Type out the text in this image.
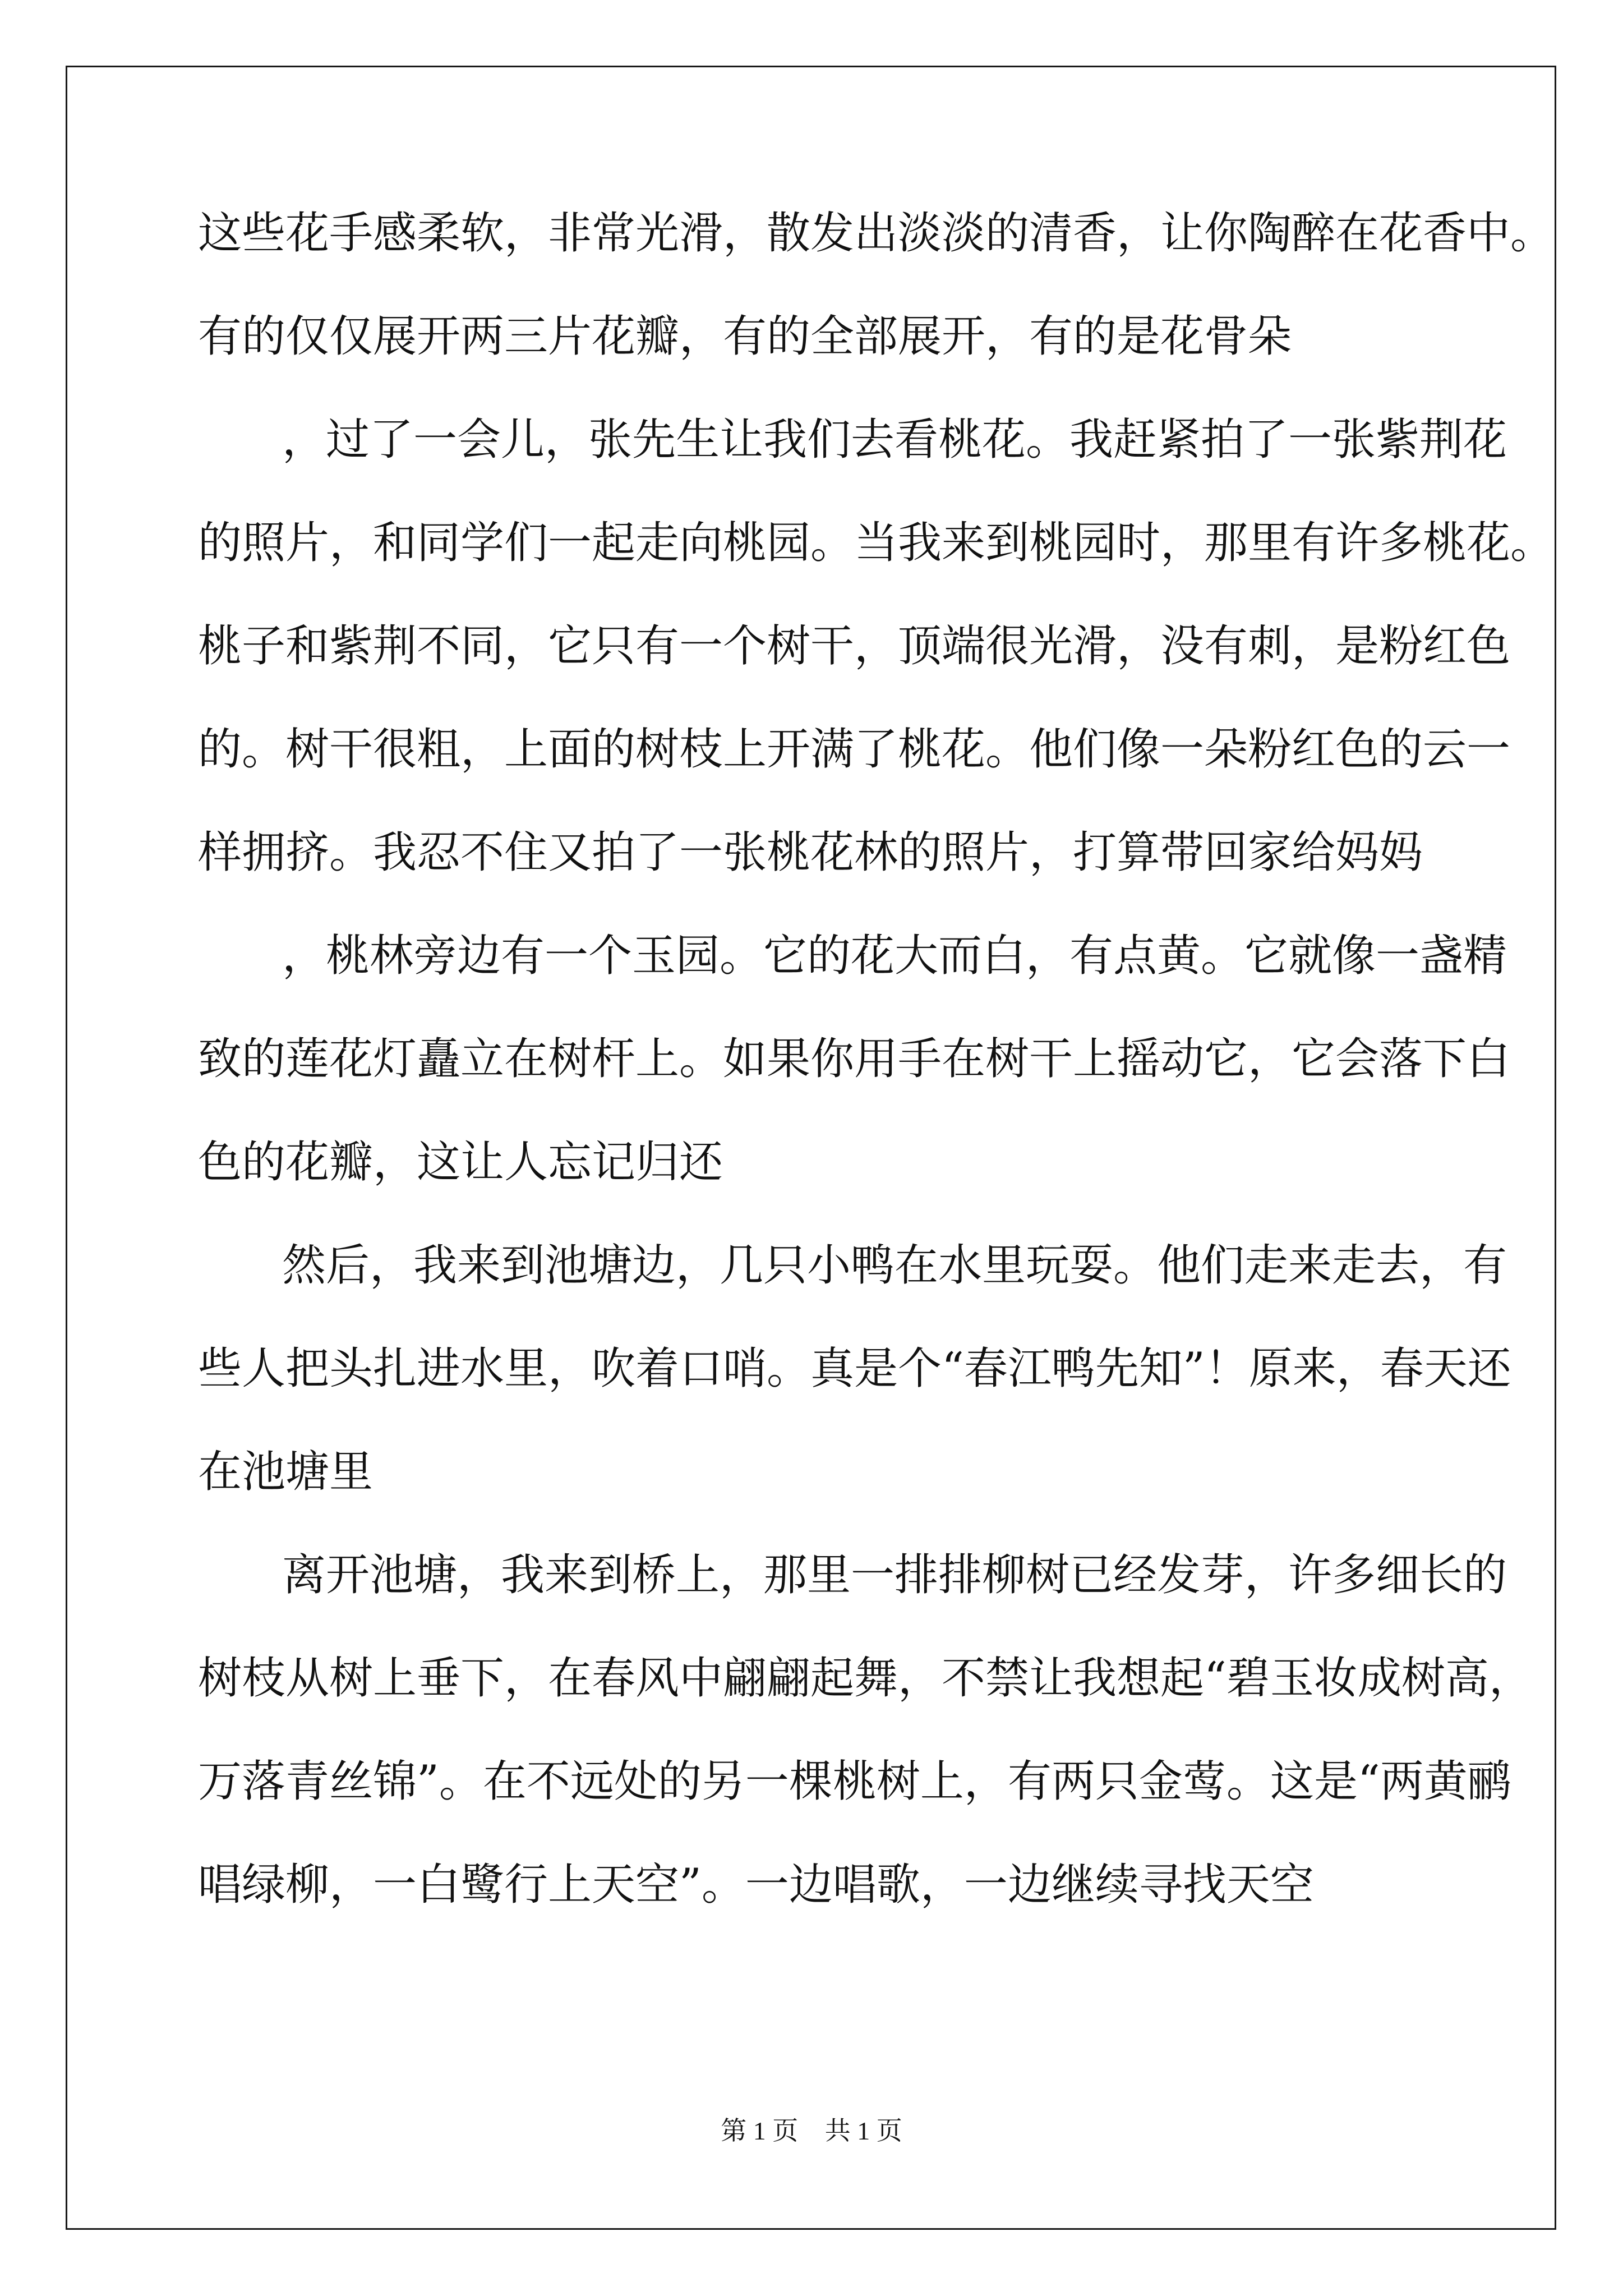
这些花手感柔软，非常光滑，散发出淡淡的清香，让你陶醉在花香中。
有的仅仅展开两三片花瓣，有的全部展开，有的是花骨朵
，过了一会儿，张先生让我们去看桃花。我赶紧拍了一张紫荆花
的照片，和同学们一起走向桃园。当我来到桃园时，那里有许多桃花。
桃子和紫荆不同，它只有一个树干，顶端很光滑，没有刺，是粉红色
的。树干很粗，上面的树枝上开满了桃花。他们像一朵粉红色的云一
样拥挤。我忍不住又拍了一张桃花林的照片，打算带回家给妈妈
，桃林旁边有一个玉园。它的花大而白，有点黄。它就像一盏精
致的莲花灯矗立在树杆上。如果你用手在树干上摇动它，它会落下白
色的花瓣，这让人忘记归还
然后，我来到池塘边，几只小鸭在水里玩耍。他们走来走去，有
些人把头扎进水里，吹着口哨。真是个“春江鸭先知”！原来，春天还
在池塘里
离开池塘，我来到桥上，那里一排排柳树已经发芽，许多细长的
树枝从树上垂下，在春风中翩翩起舞，不禁让我想起“碧玉妆成树高，
万落青丝锦”。在不远处的另一棵桃树上，有两只金莺。这是“两黄鹂
唱绿柳，一白鹭行上天空”。一边唱歌，一边继续寻找天空
第 1 页 共 1 页
